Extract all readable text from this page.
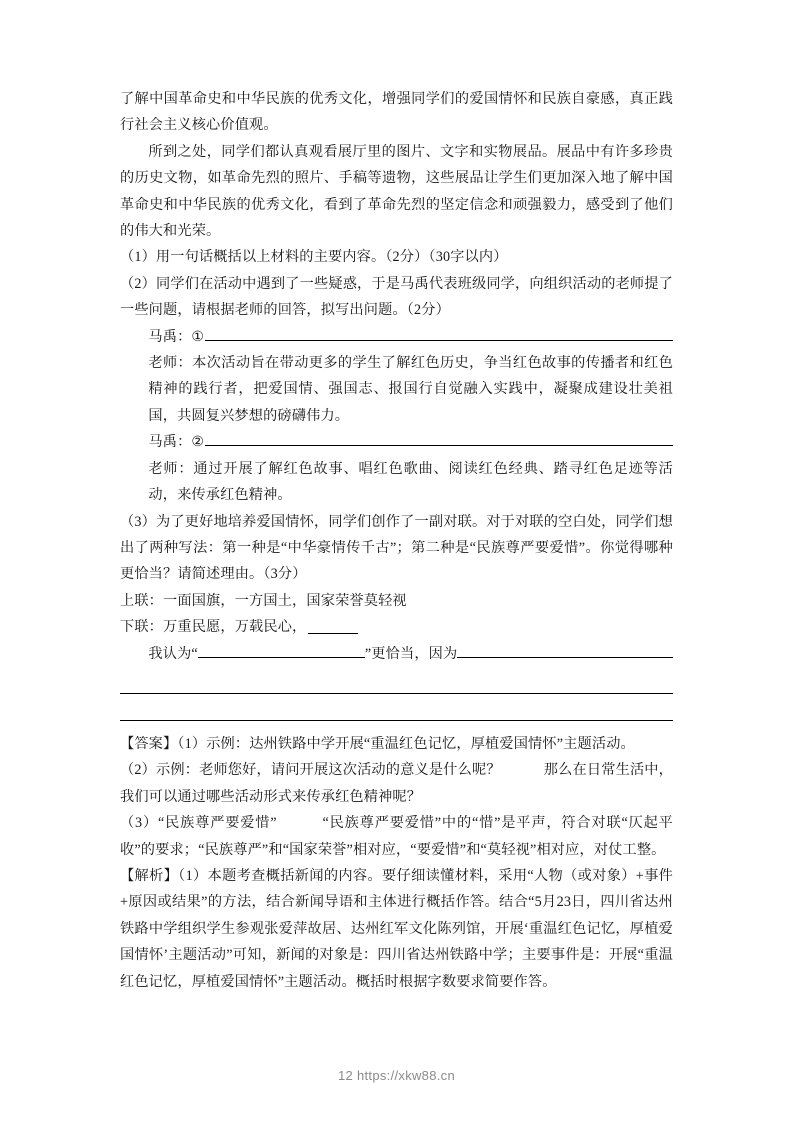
了解中国革命史和中华民族的优秀文化，增强同学们的爱国情怀和民族自豪感，真正践行社会主义核心价值观。

所到之处，同学们都认真观看展厅里的图片、文字和实物展品。展品中有许多珍贵的历史文物，如革命先烈的照片、手稿等遗物，这些展品让学生们更加深入地了解中国革命史和中华民族的优秀文化，看到了革命先烈的坚定信念和顽强毅力，感受到了他们的伟大和光荣。

（1）用一句话概括以上材料的主要内容。（2分）（30字以内）

（2）同学们在活动中遇到了一些疑惑，于是马禹代表班级同学，向组织活动的老师提了一些问题，请根据老师的回答，拟写出问题。（2分）

马禹： ①

老师：本次活动旨在带动更多的学生了解红色历史，争当红色故事的传播者和红色精神的践行者，把爱国情、强国志、报国行自觉融入实践中，凝聚成建设壮美祖国，共圆复兴梦想的磅礴伟力。

马禹： ②

老师：通过开展了解红色故事、唱红色歌曲、阅读红色经典、踏寻红色足迹等活动，来传承红色精神。

（3）为了更好地培养爱国情怀，同学们创作了一副对联。对于对联的空白处，同学们想出了两种写法：第一种是“中华豪情传千古”；第二种是“民族尊严要爱惜”。你觉得哪种更恰当？请简述理由。（3分）

上联：一面国旗，一方国土，国家荣誉莫轻视

下联：万重民愿，万载民心，

我认为“	”更恰当，因为

【答案】（1）示例：达州铁路中学开展“重温红色记忆，厚植爱国情怀”主题活动。

（2）示例：老师您好，请问开展这次活动的意义是什么呢？　　　那么在日常生活中，我们可以通过哪些活动形式来传承红色精神呢？

（3）“民族尊严要爱惜”　　　“民族尊严要爱惜”中的“惜”是平声，符合对联“仄起平收”的要求；“民族尊严”和“国家荣誉”相对应，“要爱惜”和“莫轻视”相对应，对仗工整。

【解析】（1）本题考查概括新闻的内容。要仔细读懂材料，采用“人物（或对象）+事件+原因或结果”的方法，结合新闻导语和主体进行概括作答。结合“5月23日，四川省达州铁路中学组织学生参观张爱萍故居、达州红军文化陈列馆，开展‘重温红色记忆，厚植爱国情怀’主题活动”可知，新闻的对象是：四川省达州铁路中学；主要事件是：开展“重温红色记忆，厚植爱国情怀”主题活动。概括时根据字数要求简要作答。

12 https://xkw88.cn
